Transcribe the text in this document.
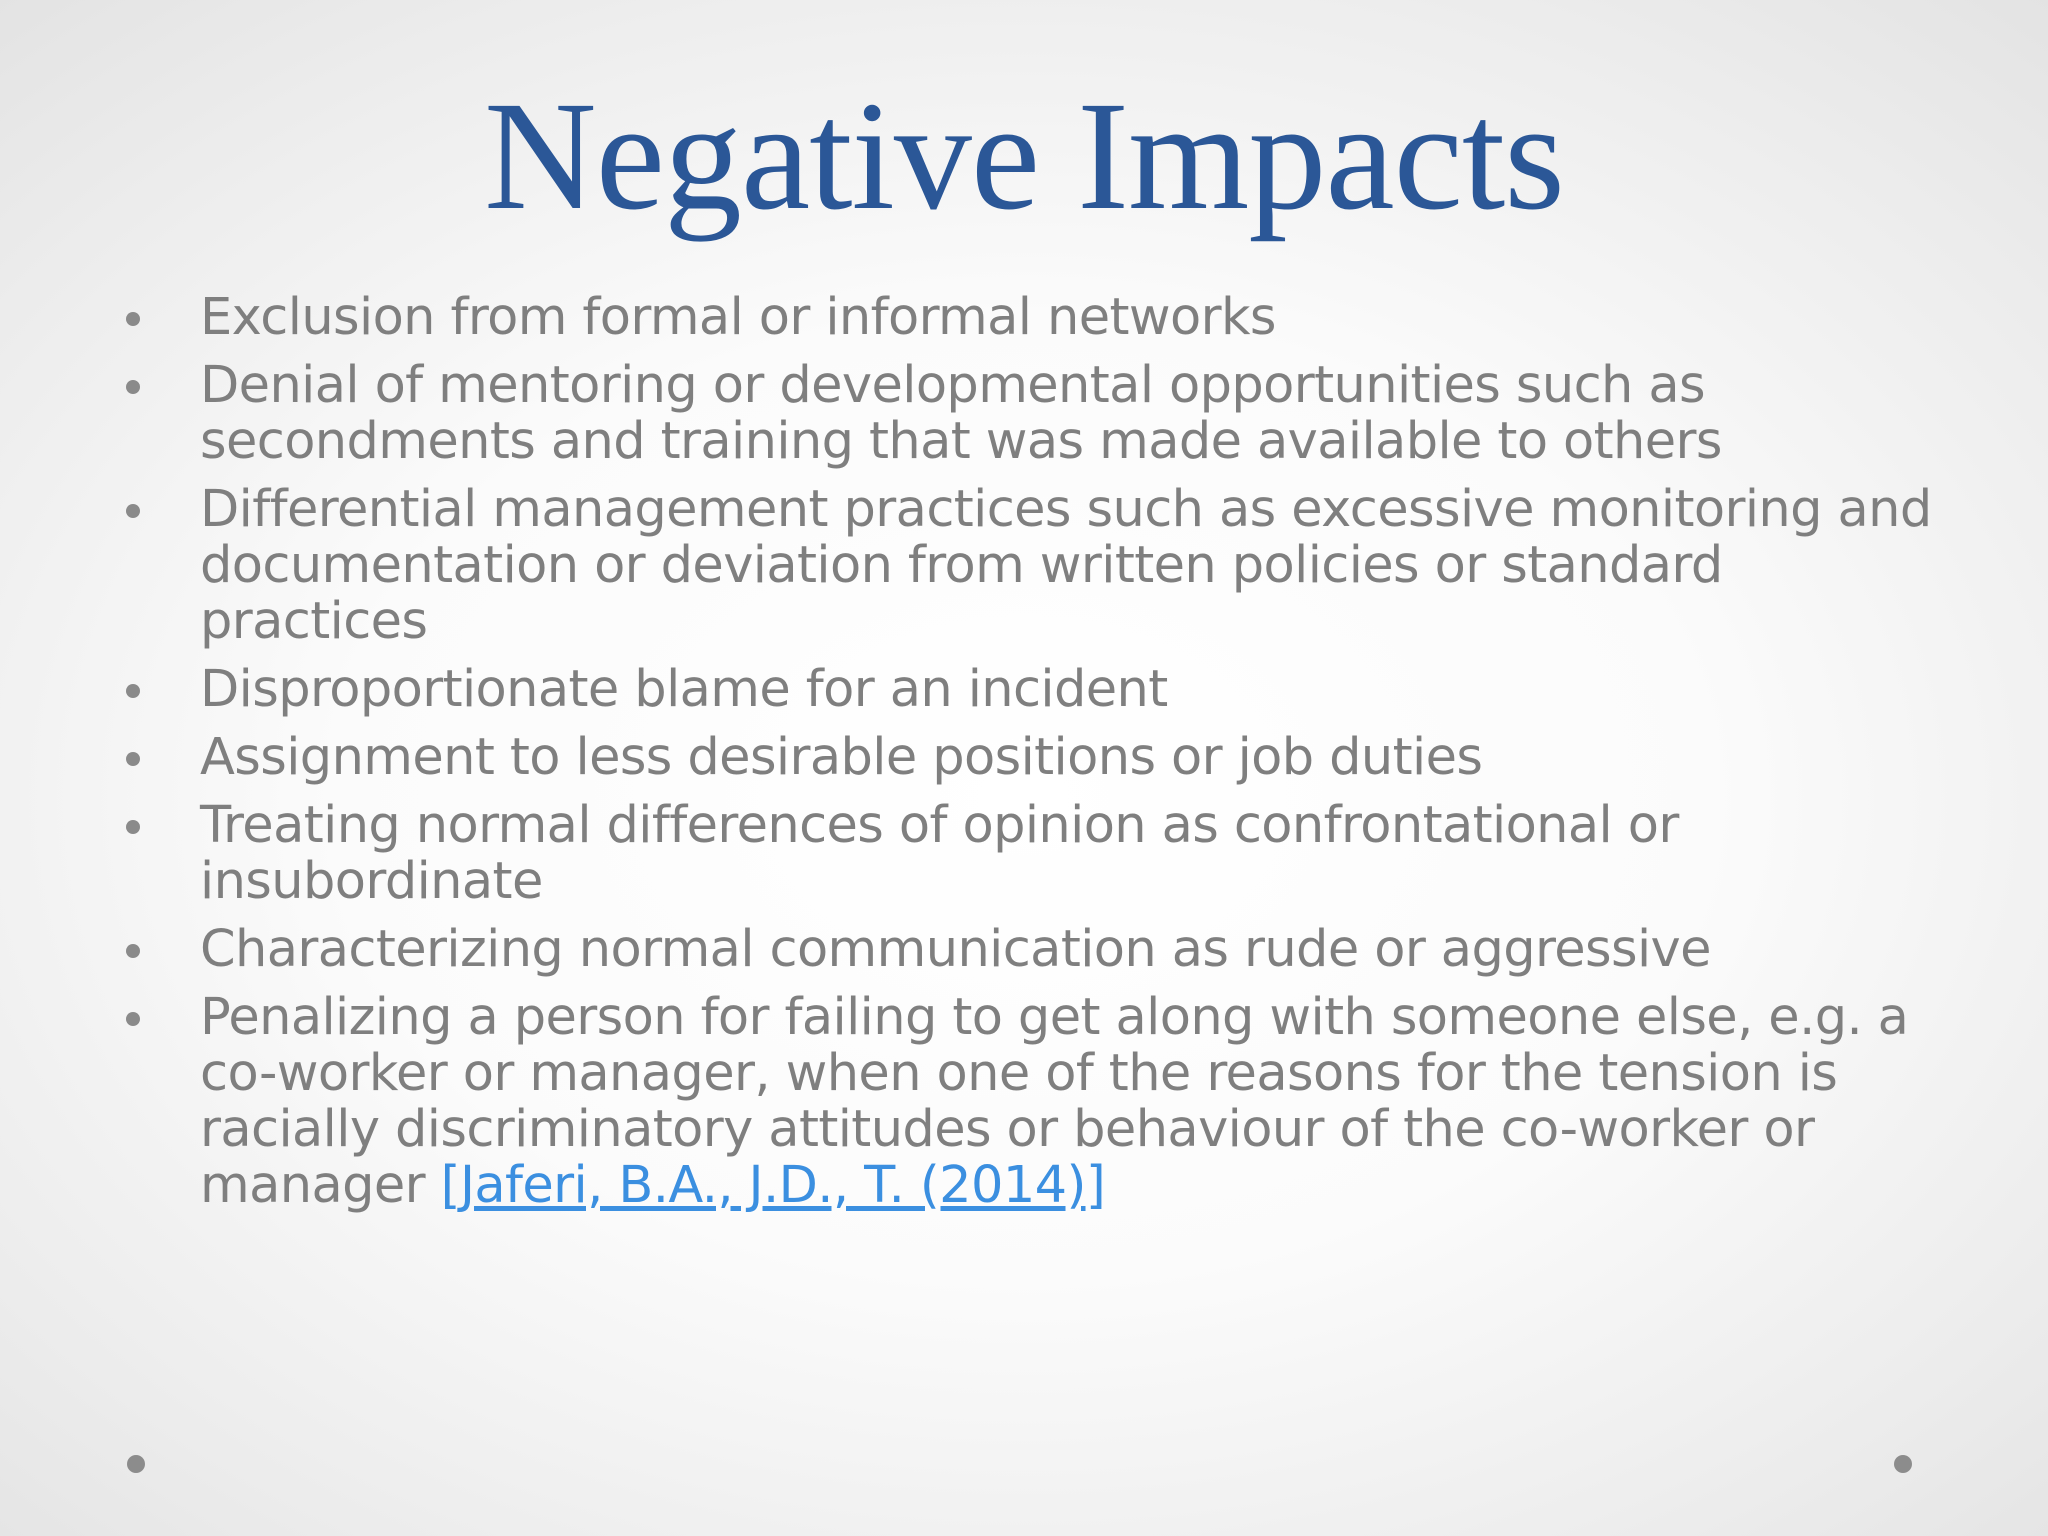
Negative Impacts
Exclusion from formal or informal networks
Denial of mentoring or developmental opportunities such as secondments and training that was made available to others
Differential management practices such as excessive monitoring and documentation or deviation from written policies or standard practices
Disproportionate blame for an incident
Assignment to less desirable positions or job duties
Treating normal differences of opinion as confrontational or insubordinate
Characterizing normal communication as rude or aggressive
Penalizing a person for failing to get along with someone else, e.g. a co-worker or manager, when one of the reasons for the tension is racially discriminatory attitudes or behaviour of the co-worker or manager [Jaferi, B.A., J.D., T. (2014)]
